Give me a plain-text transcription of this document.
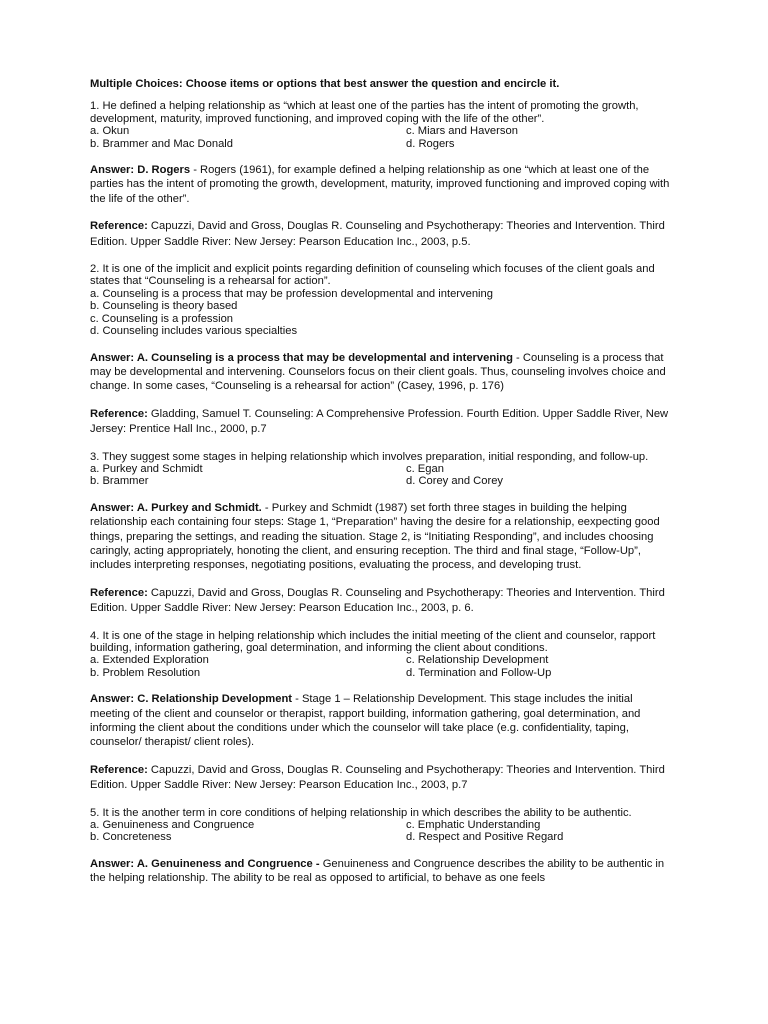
Multiple Choices: Choose items or options that best answer the question and encircle it.

1. He defined a helping relationship as “which at least one of the parties has the intent of promoting the growth, development, maturity, improved functioning, and improved coping with the life of the other”.

a. Okun	c. Miars and Haverson
b. Brammer and Mac Donald	d. Rogers

Answer: D. Rogers - Rogers (1961), for example defined a helping relationship as one “which at least one of the parties has the intent of promoting the growth, development, maturity, improved functioning and improved coping with the life of the other”.

Reference: Capuzzi, David and Gross, Douglas R. Counseling and Psychotherapy: Theories and Intervention. Third Edition. Upper Saddle River: New Jersey: Pearson Education Inc., 2003, p.5.

2. It is one of the implicit and explicit points regarding definition of counseling which focuses of the client goals and states that “Counseling is a rehearsal for action”.

a. Counseling is a process that may be profession developmental and intervening
b. Counseling is theory based
c. Counseling is a profession
d. Counseling includes various specialties

Answer: A. Counseling is a process that may be developmental and intervening - Counseling is a process that may be developmental and intervening. Counselors focus on their client goals. Thus, counseling involves choice and change. In some cases, “Counseling is a rehearsal for action” (Casey, 1996, p. 176)

Reference: Gladding, Samuel T. Counseling: A Comprehensive Profession. Fourth Edition. Upper Saddle River, New Jersey: Prentice Hall Inc., 2000, p.7

3. They suggest some stages in helping relationship which involves preparation, initial responding, and follow-up.

a. Purkey and Schmidt	c. Egan
b. Brammer	d. Corey and Corey

Answer: A. Purkey and Schmidt. - Purkey and Schmidt (1987) set forth three stages in building the helping relationship each containing four steps: Stage 1, “Preparation” having the desire for a relationship, eexpecting good things, preparing the settings, and reading the situation. Stage 2, is “Initiating Responding”, and includes choosing caringly, acting appropriately, honoting the client, and ensuring reception. The third and final stage, “Follow-Up”, includes interpreting responses, negotiating positions, evaluating the process, and developing trust.

Reference: Capuzzi, David and Gross, Douglas R. Counseling and Psychotherapy: Theories and Intervention. Third Edition. Upper Saddle River: New Jersey: Pearson Education Inc., 2003, p. 6.

4. It is one of the stage in helping relationship which includes the initial meeting of the client and counselor, rapport building, information gathering, goal determination, and informing the client about conditions.

a. Extended Exploration	c. Relationship Development
b. Problem Resolution	d. Termination and Follow-Up

Answer: C. Relationship Development - Stage 1 – Relationship Development. This stage includes the initial meeting of the client and counselor or therapist, rapport building, information gathering, goal determination, and informing the client about the conditions under which the counselor will take place (e.g. confidentiality, taping, counselor/ therapist/ client roles).

Reference: Capuzzi, David and Gross, Douglas R. Counseling and Psychotherapy: Theories and Intervention. Third Edition. Upper Saddle River: New Jersey: Pearson Education Inc., 2003, p.7

5. It is the another term in core conditions of helping relationship in which describes the ability to be authentic.

a. Genuineness and Congruence	c. Emphatic Understanding
b. Concreteness	d. Respect and Positive Regard

Answer: A. Genuineness and Congruence - Genuineness and Congruence describes the ability to be authentic in the helping relationship. The ability to be real as opposed to artificial, to behave as one feels
